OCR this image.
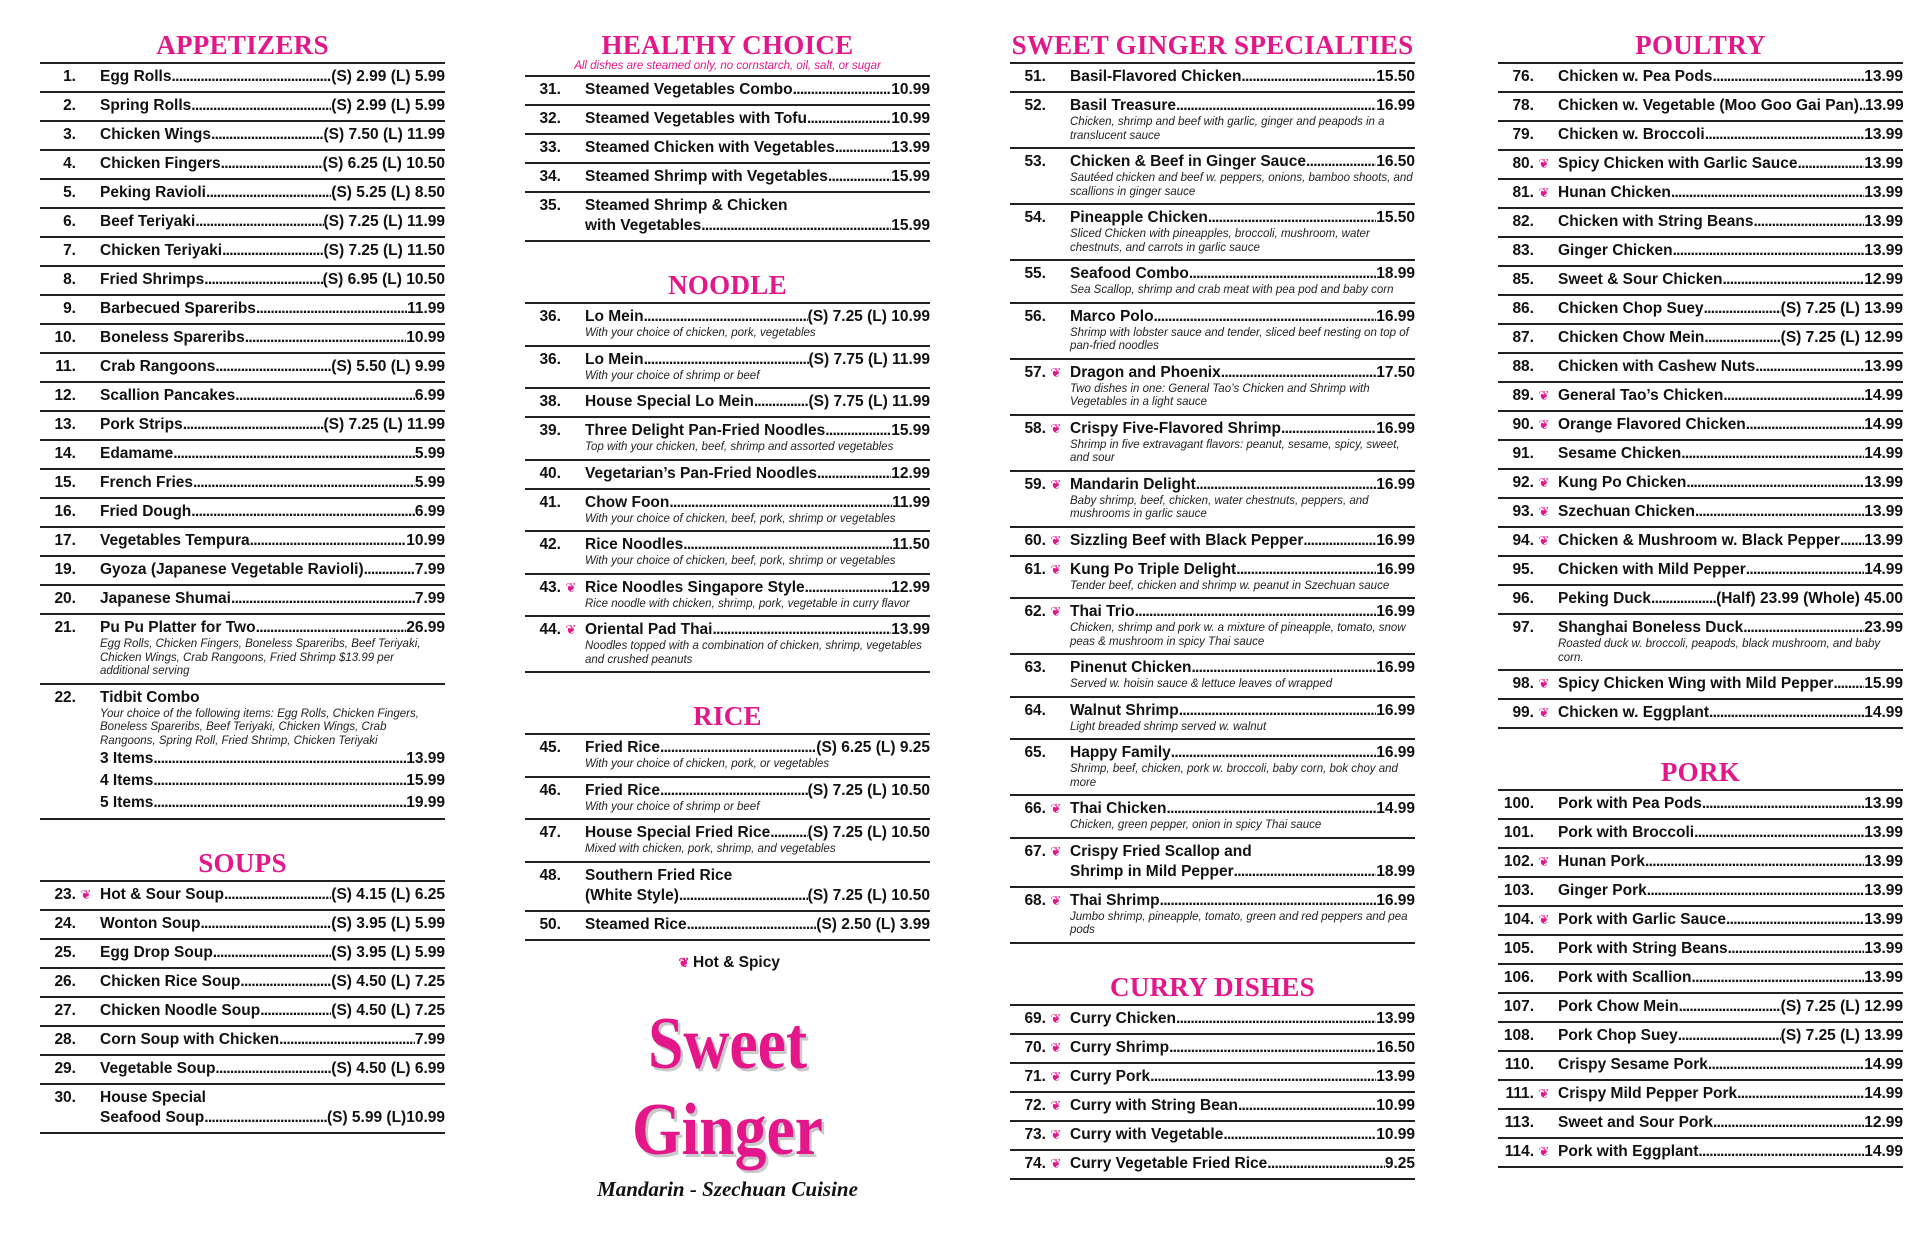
APPETIZERS
1. Egg Rolls . . .	(S) 2.99 (L) 5.99
2. Spring Rolls . . .	(S) 2.99 (L) 5.99
3. Chicken Wings . . .	(S) 7.50 (L) 11.99
4. Chicken Fingers . . .	(S) 6.25 (L) 10.50
5. Peking Ravioli . . .	(S) 5.25 (L) 8.50
6. Beef Teriyaki . . .	(S) 7.25 (L) 11.99
7. Chicken Teriyaki . . .	(S) 7.25 (L) 11.50
8. Fried Shrimps . . .	(S) 6.95 (L) 10.50
9. Barbecued Spareribs . . .	11.99
10. Boneless Spareribs . . .	10.99
11. Crab Rangoons . . .	(S) 5.50 (L) 9.99
12. Scallion Pancakes . . .	6.99
13. Pork Strips . . .	(S) 7.25 (L) 11.99
14. Edamame . . .	5.99
15. French Fries . . .	5.99
16. Fried Dough . . .	6.99
17. Vegetables Tempura . . .	10.99
19. Gyoza (Japanese Vegetable Ravioli) . . .	7.99
20. Japanese Shumai . . .	7.99
21. Pu Pu Platter for Two . . .	26.99
Egg Rolls, Chicken Fingers, Boneless Spareribs, Beef Teriyaki, Chicken Wings, Crab Rangoons, Fried Shrimp $13.99 per additional serving
22. Tidbit Combo
Your choice of the following items: Egg Rolls, Chicken Fingers, Boneless Spareribs, Beef Teriyaki, Chicken Wings, Crab Rangoons, Spring Roll, Fried Shrimp, Chicken Teriyaki
3 Items . . .	13.99
4 Items . . .	15.99
5 Items . . .	19.99
SOUPS
23. ❦ Hot & Sour Soup . . .	(S) 4.15 (L) 6.25
24. Wonton Soup . . .	(S) 3.95 (L) 5.99
25. Egg Drop Soup . . .	(S) 3.95 (L) 5.99
26. Chicken Rice Soup . . .	(S) 4.50 (L) 7.25
27. Chicken Noodle Soup . . .	(S) 4.50 (L) 7.25
28. Corn Soup with Chicken . . .	7.99
29. Vegetable Soup . . .	(S) 4.50 (L) 6.99
30. House Special
Seafood Soup . . .	(S) 5.99 (L)10.99
HEALTHY CHOICE
All dishes are steamed only, no cornstarch, oil, salt, or sugar
31. Steamed Vegetables Combo . . .	10.99
32. Steamed Vegetables with Tofu . . .	10.99
33. Steamed Chicken with Vegetables . . .	13.99
34. Steamed Shrimp with Vegetables . . .	15.99
35. Steamed Shrimp & Chicken
with Vegetables . . .	15.99
NOODLE
36. Lo Mein . . .	(S) 7.25 (L) 10.99
With your choice of chicken, pork, vegetables
36. Lo Mein . . .	(S) 7.75 (L) 11.99
With your choice of shrimp or beef
38. House Special Lo Mein . . .	(S) 7.75 (L) 11.99
39. Three Delight Pan-Fried Noodles . . .	15.99
Top with your chicken, beef, shrimp and assorted vegetables
40. Vegetarian’s Pan-Fried Noodles . . .	12.99
41. Chow Foon . . .	11.99
With your choice of chicken, beef, pork, shrimp or vegetables
42. Rice Noodles . . .	11.50
With your choice of chicken, beef, pork, shrimp or vegetables
43. ❦ Rice Noodles Singapore Style . . .	12.99
Rice noodle with chicken, shrimp, pork, vegetable in curry flavor
44. ❦ Oriental Pad Thai . . .	13.99
Noodles topped with a combination of chicken, shrimp, vegetables and crushed peanuts
RICE
45. Fried Rice . . .	(S) 6.25 (L) 9.25
With your choice of chicken, pork, or vegetables
46. Fried Rice . . .	(S) 7.25 (L) 10.50
With your choice of shrimp or beef
47. House Special Fried Rice . . . (S) 7.25 (L) 10.50
Mixed with chicken, pork, shrimp, and vegetables
48. Southern Fried Rice
(White Style) . . .	(S) 7.25 (L) 10.50
50. Steamed Rice . . .	(S) 2.50 (L) 3.99
❦ Hot & Spicy
Sweet Ginger
Mandarin - Szechuan Cuisine
SWEET GINGER SPECIALTIES
51. Basil-Flavored Chicken . . .	15.50
52. Basil Treasure . . .	16.99
Chicken, shrimp and beef with garlic, ginger and peapods in a translucent sauce
53. Chicken & Beef in Ginger Sauce . . .	16.50
Sautéed chicken and beef w. peppers, onions, bamboo shoots, and scallions in ginger sauce
54. Pineapple Chicken . . .	15.50
Sliced Chicken with pineapples, broccoli, mushroom, water chestnuts, and carrots in garlic sauce
55. Seafood Combo . . .	18.99
Sea Scallop, shrimp and crab meat with pea pod and baby corn
56. Marco Polo . . .	16.99
Shrimp with lobster sauce and tender, sliced beef nesting on top of pan-fried noodles
57. ❦ Dragon and Phoenix . . .	17.50
Two dishes in one: General Tao’s Chicken and Shrimp with Vegetables in a light sauce
58. ❦ Crispy Five-Flavored Shrimp . . .	16.99
Shrimp in five extravagant flavors: peanut, sesame, spicy, sweet, and sour
59. ❦ Mandarin Delight . . .	16.99
Baby shrimp, beef, chicken, water chestnuts, peppers, and mushrooms in garlic sauce
60. ❦ Sizzling Beef with Black Pepper . . .	16.99
61. ❦ Kung Po Triple Delight . . .	16.99
Tender beef, chicken and shrimp w. peanut in Szechuan sauce
62. ❦ Thai Trio . . .	16.99
Chicken, shrimp and pork w. a mixture of pineapple, tomato, snow peas & mushroom in spicy Thai sauce
63. Pinenut Chicken . . .	16.99
Served w. hoisin sauce & lettuce leaves of wrapped
64. Walnut Shrimp . . .	16.99
Light breaded shrimp served w. walnut
65. Happy Family . . .	16.99
Shrimp, beef, chicken, pork w. broccoli, baby corn, bok choy and more
66. ❦ Thai Chicken . . .	14.99
Chicken, green pepper, onion in spicy Thai sauce
67. ❦ Crispy Fried Scallop and
Shrimp in Mild Pepper . . .	18.99
68. ❦ Thai Shrimp . . .	16.99
Jumbo shrimp, pineapple, tomato, green and red peppers and pea pods
CURRY DISHES
69. ❦ Curry Chicken . . .	13.99
70. ❦ Curry Shrimp . . .	16.50
71. ❦ Curry Pork . . .	13.99
72. ❦ Curry with String Bean . . .	10.99
73. ❦ Curry with Vegetable . . .	10.99
74. ❦ Curry Vegetable Fried Rice . . .	9.25
POULTRY
76. Chicken w. Pea Pods . . .	13.99
78. Chicken w. Vegetable (Moo Goo Gai Pan) . . . 13.99
79. Chicken w. Broccoli . . .	13.99
80. ❦ Spicy Chicken with Garlic Sauce . . .	13.99
81. ❦ Hunan Chicken . . .	13.99
82. Chicken with String Beans . . .	13.99
83. Ginger Chicken . . .	13.99
85. Sweet & Sour Chicken . . .	12.99
86. Chicken Chop Suey . . .	(S) 7.25 (L) 13.99
87. Chicken Chow Mein . . .	(S) 7.25 (L) 12.99
88. Chicken with Cashew Nuts . . .	13.99
89. ❦ General Tao’s Chicken . . .	14.99
90. ❦ Orange Flavored Chicken . . .	14.99
91. Sesame Chicken . . .	14.99
92. ❦ Kung Po Chicken . . .	13.99
93. ❦ Szechuan Chicken . . .	13.99
94. ❦ Chicken & Mushroom w. Black Pepper . . . 13.99
95. Chicken with Mild Pepper . . .	14.99
96. Peking Duck . . .	(Half) 23.99 (Whole) 45.00
97. Shanghai Boneless Duck . . .	23.99
Roasted duck w. broccoli, peapods, black mushroom, and baby corn.
98. ❦ Spicy Chicken Wing with Mild Pepper . . . 15.99
99. ❦ Chicken w. Eggplant . . .	14.99
PORK
100. Pork with Pea Pods . . .	13.99
101. Pork with Broccoli . . .	13.99
102. ❦ Hunan Pork . . .	13.99
103. Ginger Pork . . .	13.99
104. ❦ Pork with Garlic Sauce . . .	13.99
105. Pork with String Beans . . .	13.99
106. Pork with Scallion . . .	13.99
107. Pork Chow Mein . . .	(S) 7.25 (L) 12.99
108. Pork Chop Suey . . .	(S) 7.25 (L) 13.99
110. Crispy Sesame Pork . . .	14.99
111. ❦ Crispy Mild Pepper Pork . . .	14.99
113. Sweet and Sour Pork . . .	12.99
114. ❦ Pork with Eggplant . . .	14.99
